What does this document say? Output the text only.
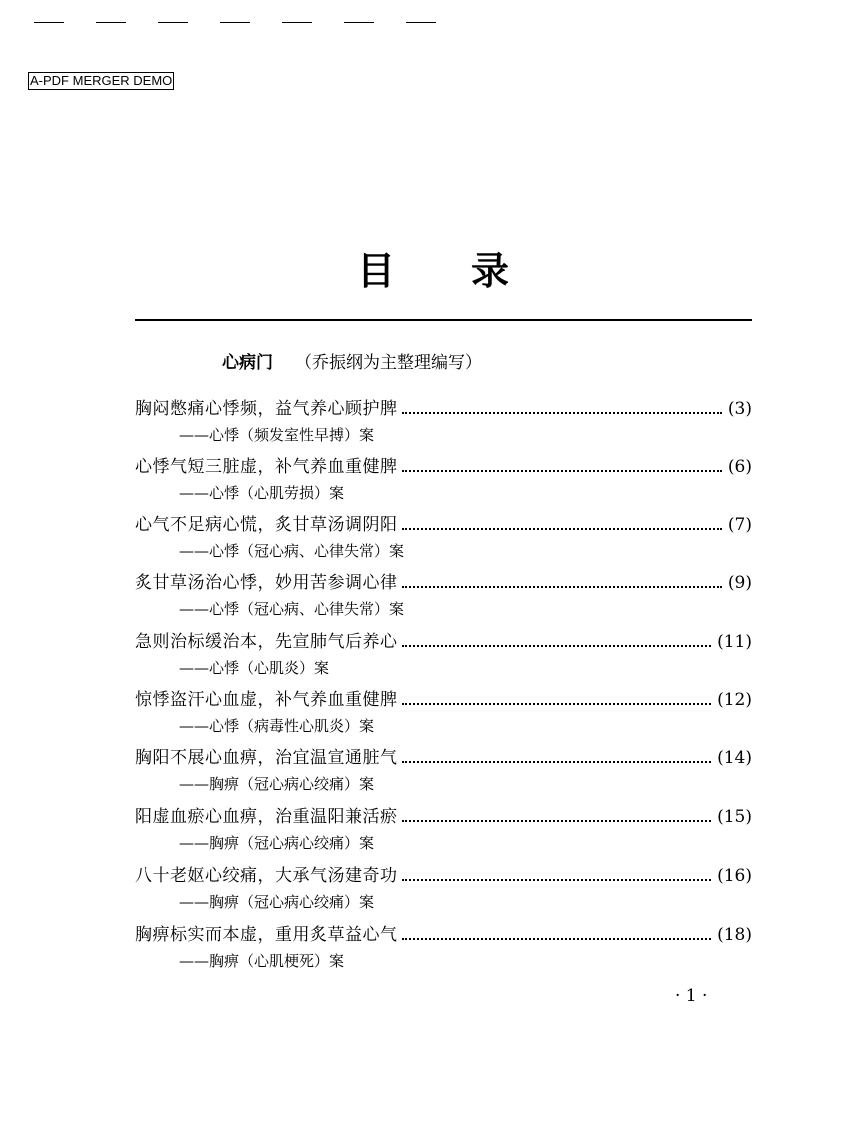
A-PDF MERGER DEMO
目 录
心病门 （乔振纲为主整理编写）
胸闷憋痛心悸频，益气养心顾护脾	(3)
——心悸（频发室性早搏）案
心悸气短三脏虚，补气养血重健脾	(6)
——心悸（心肌劳损）案
心气不足病心慌，炙甘草汤调阴阳	(7)
——心悸（冠心病、心律失常）案
炙甘草汤治心悸，妙用苦参调心律	(9)
——心悸（冠心病、心律失常）案
急则治标缓治本，先宣肺气后养心	(11)
——心悸（心肌炎）案
惊悸盗汗心血虚，补气养血重健脾	(12)
——心悸（病毒性心肌炎）案
胸阳不展心血痹，治宜温宣通脏气	(14)
——胸痹（冠心病心绞痛）案
阳虚血瘀心血痹，治重温阳兼活瘀	(15)
——胸痹（冠心病心绞痛）案
八十老妪心绞痛，大承气汤建奇功	(16)
——胸痹（冠心病心绞痛）案
胸痹标实而本虚，重用炙草益心气	(18)
——胸痹（心肌梗死）案
· 1 ·
